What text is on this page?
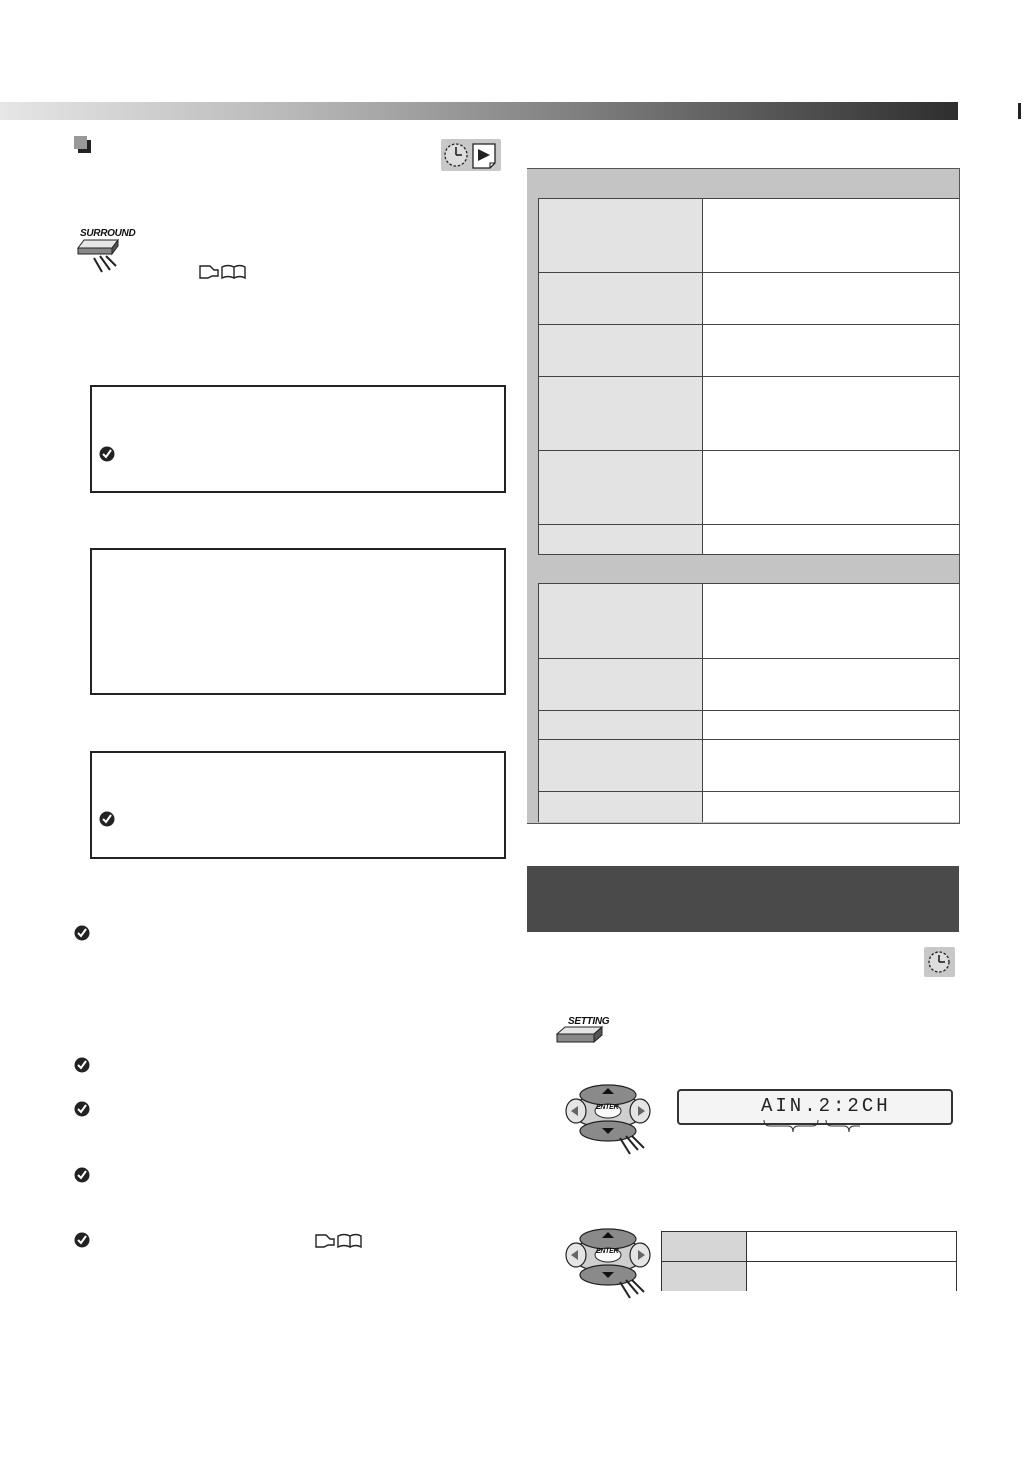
SURROUND
SETTING
ENTER	AIN.2:2CH
ENTER
